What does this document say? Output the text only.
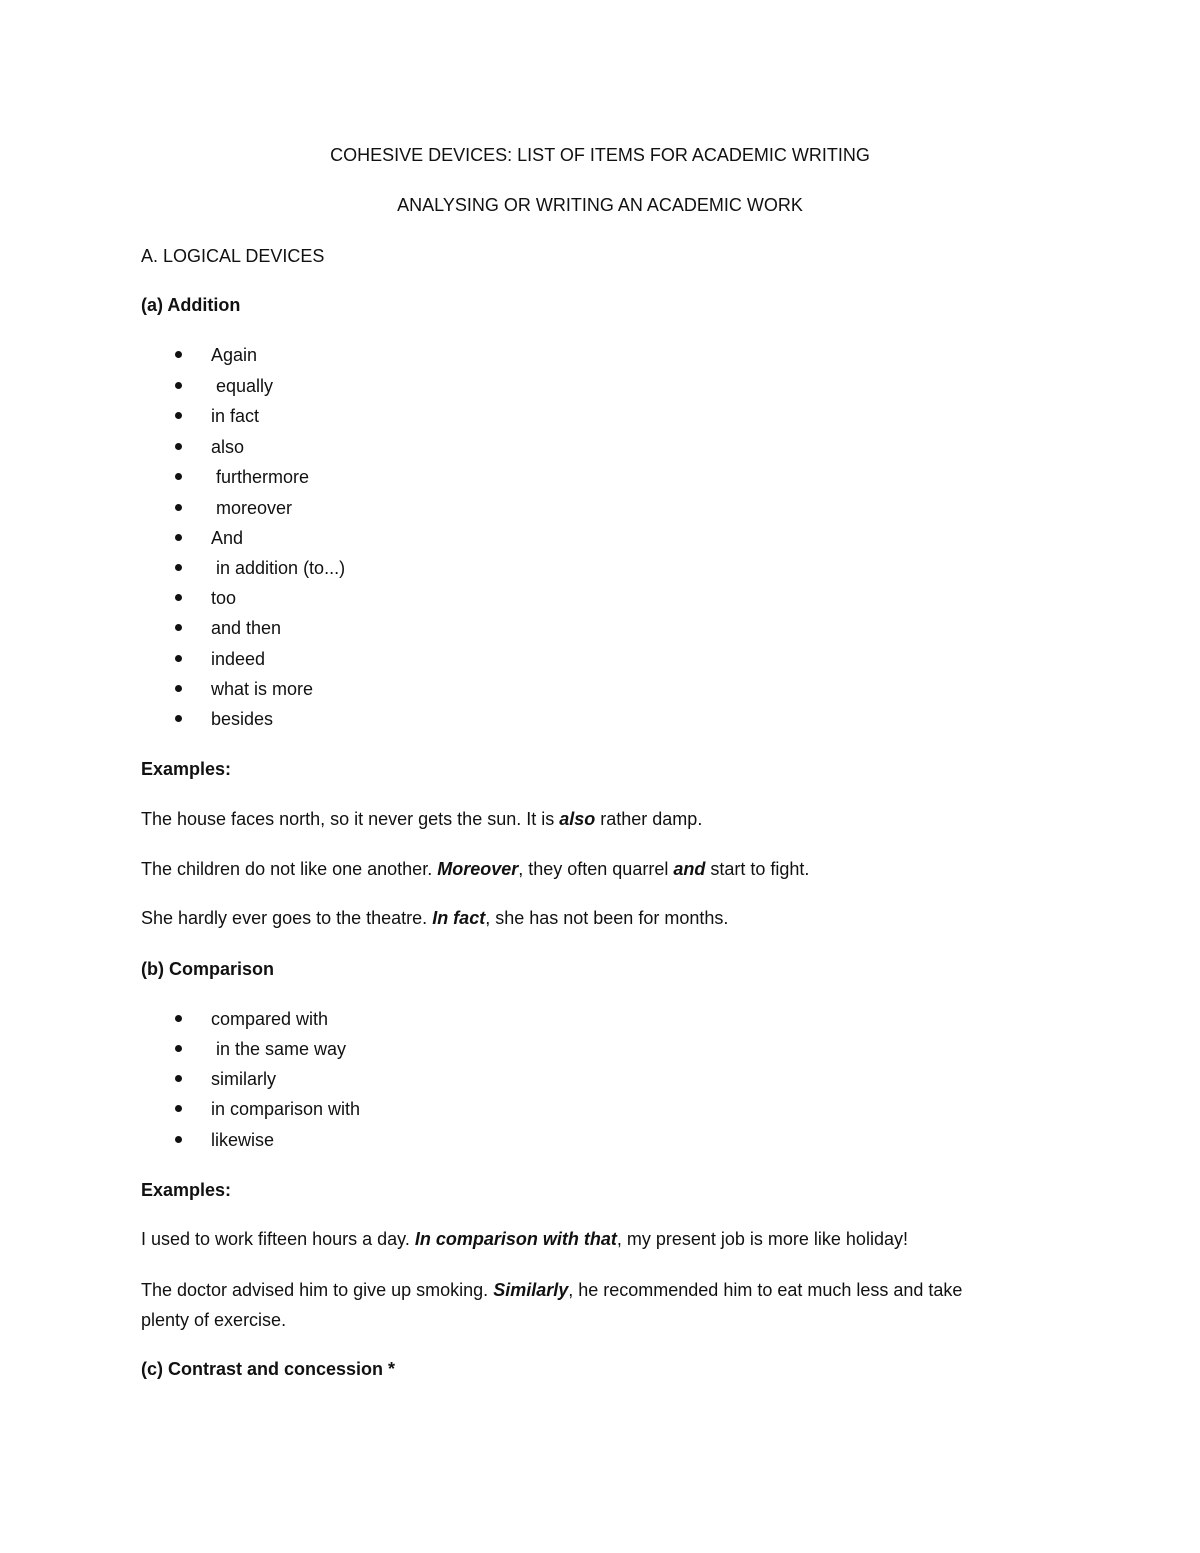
COHESIVE DEVICES: LIST OF ITEMS FOR ACADEMIC WRITING
ANALYSING OR WRITING AN ACADEMIC WORK
A. LOGICAL DEVICES
(a) Addition
Again
equally
in fact
also
furthermore
moreover
And
in addition (to...)
too
and then
indeed
what is more
besides
Examples:
The house faces north, so it never gets the sun. It is also rather damp.
The children do not like one another. Moreover, they often quarrel and start to fight.
She hardly ever goes to the theatre. In fact, she has not been for months.
(b) Comparison
compared with
in the same way
similarly
in comparison with
likewise
Examples:
I used to work fifteen hours a day. In comparison with that, my present job is more like holiday!
The doctor advised him to give up smoking. Similarly, he recommended him to eat much less and take
plenty of exercise.
(c) Contrast and concession *
